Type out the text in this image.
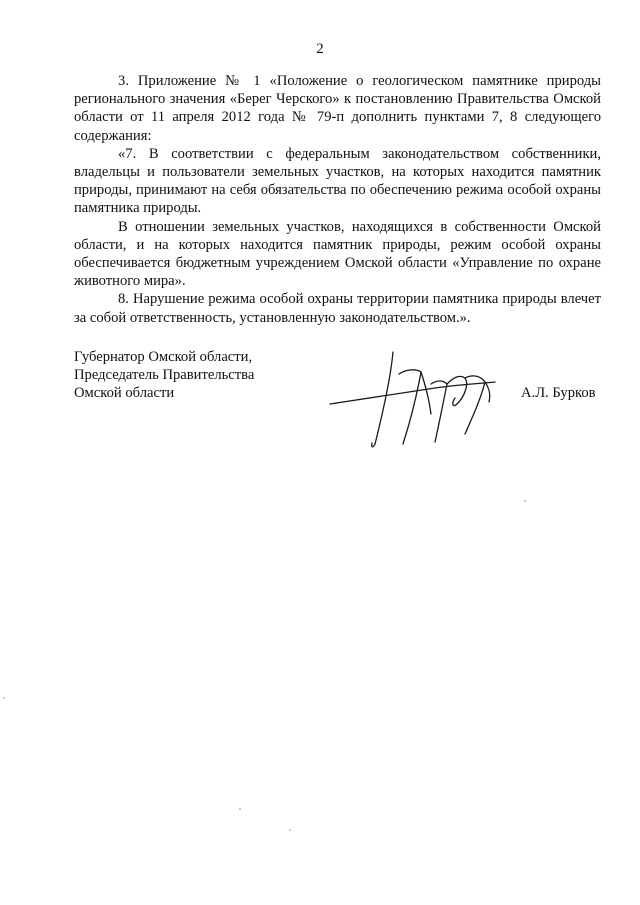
2

3. Приложение № 1 «Положение о геологическом памятнике природы регионального значения «Берег Черского» к постановлению Правительства Омской области от 11 апреля 2012 года № 79-п дополнить пунктами 7, 8 следующего содержания:

«7. В соответствии с федеральным законодательством собственники, владельцы и пользователи земельных участков, на которых находится памятник природы, принимают на себя обязательства по обеспечению режима особой охраны памятника природы.

В отношении земельных участков, находящихся в собственности Омской области, и на которых находится памятник природы, режим особой охраны обеспечивается бюджетным учреждением Омской области «Управление по охране животного мира».

8. Нарушение режима особой охраны территории памятника природы влечет за собой ответственность, установленную законодательством.».

Губернатор Омской области,
Председатель Правительства
Омской области	А.Л. Бурков
